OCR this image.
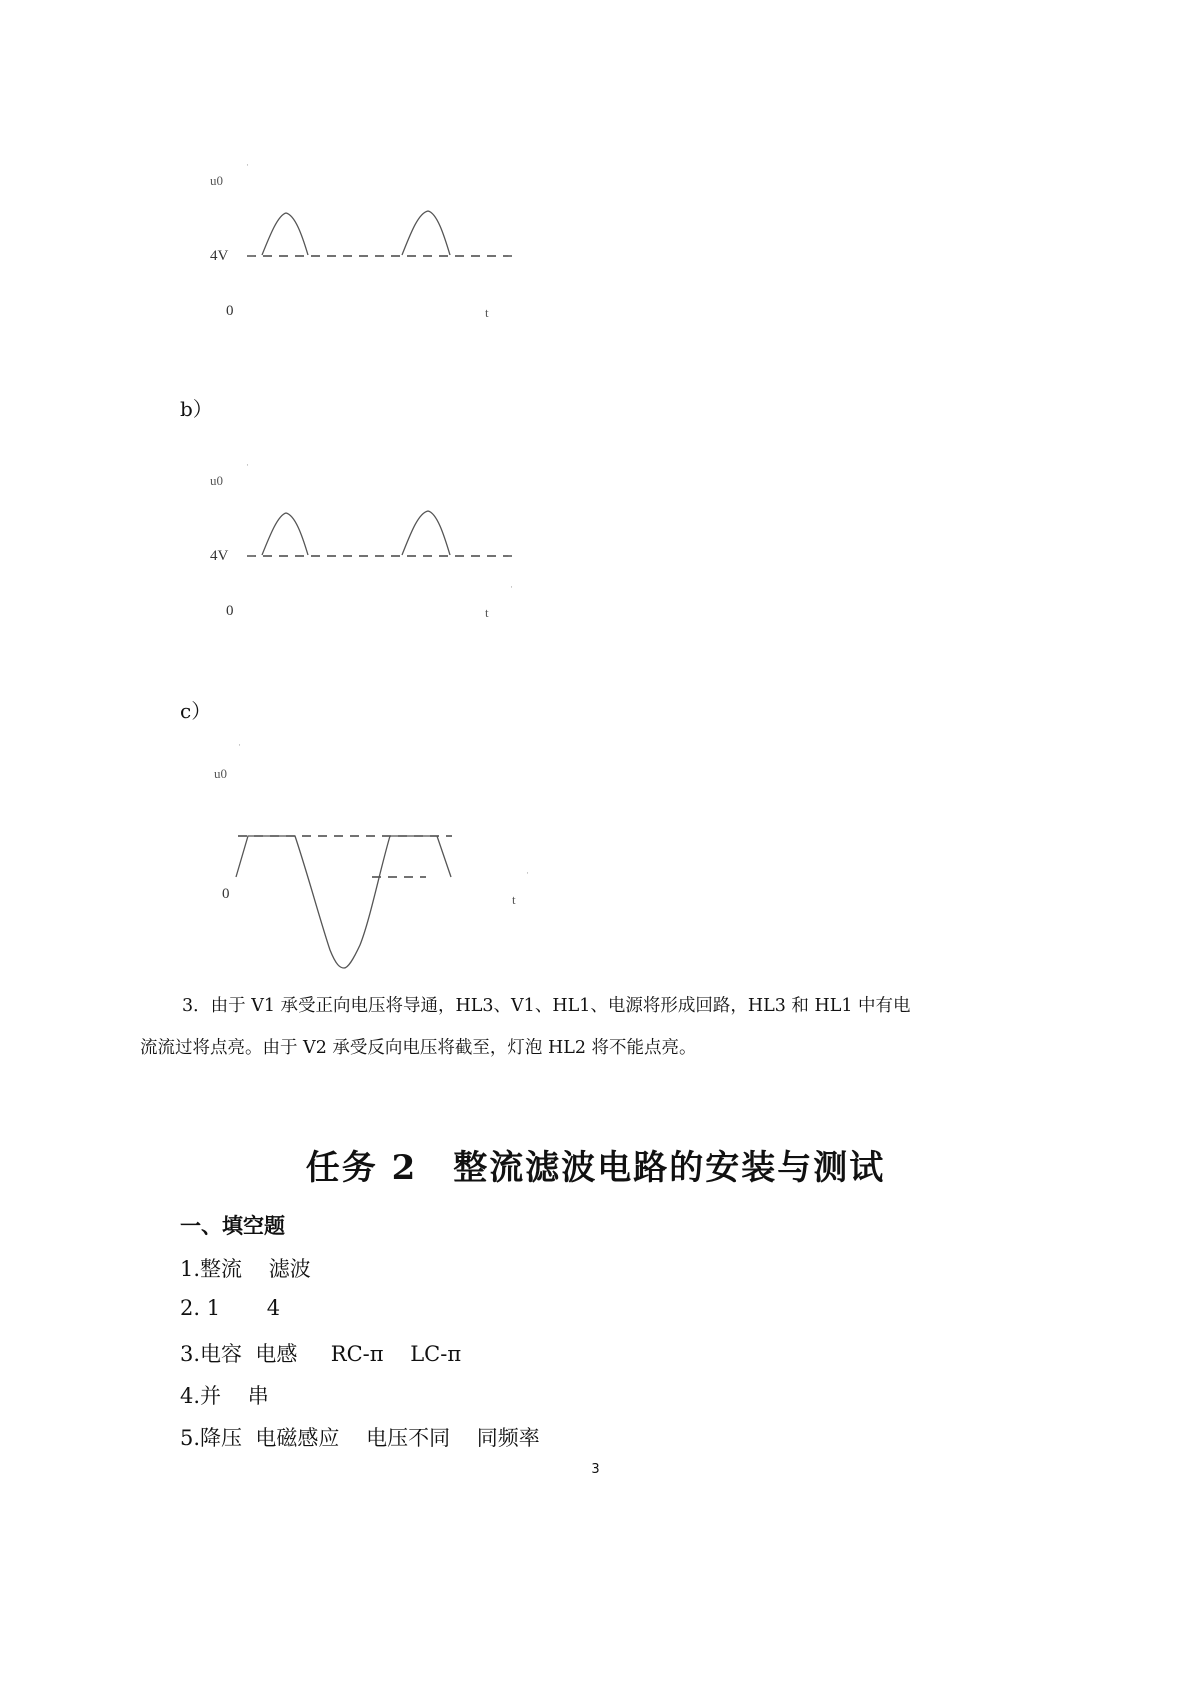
·
u0
4V
0	t
b）
·
u0
4V
·
0	t
c）
·
u0
·
0	t
3．由于 V1 承受正向电压将导通，HL3、V1、HL1、电源将形成回路，HL3 和 HL1 中有电
流流过将点亮。由于 V2 承受反向电压将截至，灯泡 HL2 将不能点亮。
任务 2　整流滤波电路的安装与测试
一、填空题
1.整流    滤波
2. 1       4
3.电容  电感     RC-π    LC-π
4.并    串
5.降压  电磁感应    电压不同    同频率
3
